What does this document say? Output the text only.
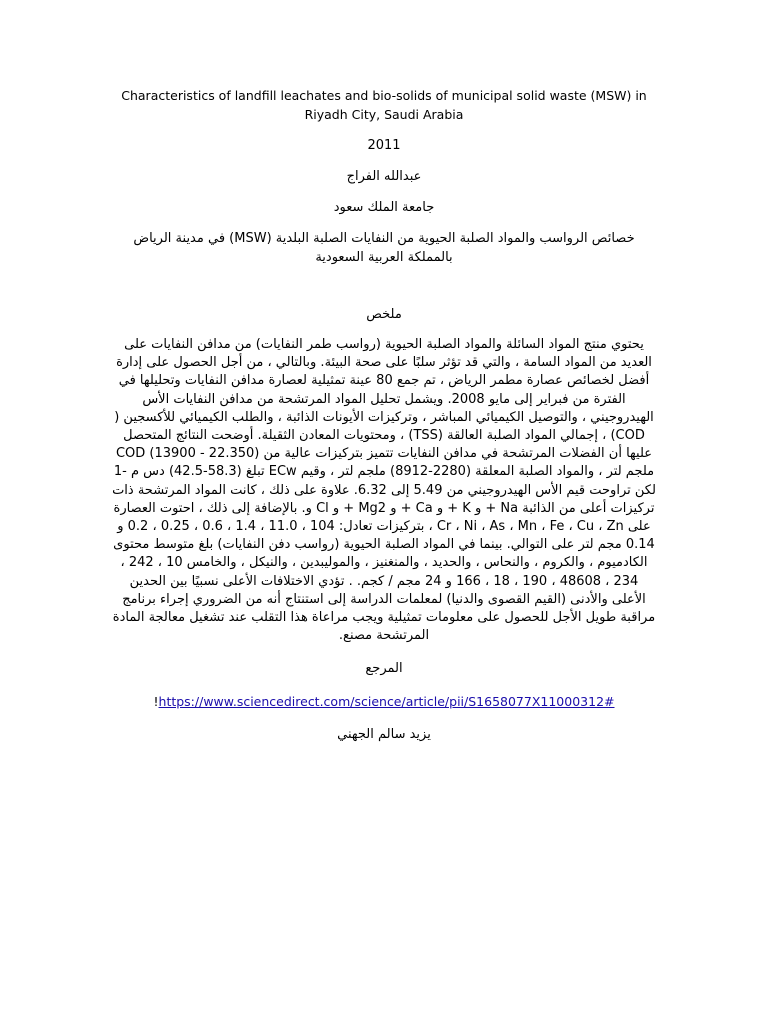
Characteristics of landfill leachates and bio-solids of municipal solid waste (MSW) in Riyadh City, Saudi Arabia

2011

عبدالله الفراج

جامعة الملك سعود

خصائص الرواسب والمواد الصلبة الحيوية من النفايات الصلبة البلدية (MSW) في مدينة الرياض بالمملكة العربية السعودية

ملخص

يحتوي منتج المواد السائلة والمواد الصلبة الحيوية (رواسب طمر النفايات) من مدافن النفايات على العديد من المواد السامة ، والتي قد تؤثر سلبًا على صحة البيئة. وبالتالي ، من أجل الحصول على إدارة أفضل لخصائص عصارة مطمر الرياض ، تم جمع 80 عينة تمثيلية لعصارة مدافن النفايات وتحليلها في الفترة من فبراير إلى مايو 2008. ويشمل تحليل المواد المرتشحة من مدافن النفايات الأس الهيدروجيني ، والتوصيل الكيميائي المباشر ، وتركيزات الأيونات الذائبة ، والطلب الكيميائي للأكسجين ( COD) ، إجمالي المواد الصلبة العالقة (TSS) ، ومحتويات المعادن الثقيلة. أوضحت النتائج المتحصل عليها أن الفضلات المرتشحة في مدافن النفايات تتميز بتركيزات عالية من COD (13900 - 22.350) ملجم لتر ، والمواد الصلبة المعلقة (2280-8912) ملجم لتر ، وقيم ECw تبلغ (58.3-42.5) دس م -1 لكن تراوحت قيم الأس الهيدروجيني من 5.49 إلى 6.32. علاوة على ذلك ، كانت المواد المرتشحة ذات تركيزات أعلى من الذائبة Na + و K + و Ca + و Mg2 + و Cl و. بالإضافة إلى ذلك ، احتوت العصارة على Cr ، Ni ، As ، Mn ، Fe ، Cu ، Zn ، بتركيزات تعادل: 104 ، 11.0 ، 1.4 ، 0.6 ، 0.25 ، 0.2 و 0.14 مجم لتر على التوالي. بينما في المواد الصلبة الحيوية (رواسب دفن النفايات) بلغ متوسط محتوى الكادميوم ، والكروم ، والنحاس ، والحديد ، والمنغنيز ، والموليبدين ، والنيكل ، والخامس 10 ، 242 ، 234 ، 48608 ، 190 ، 18 ، 166 و 24 مجم / كجم. . تؤدي الاختلافات الأعلى نسبيًا بين الحدين الأعلى والأدنى (القيم القصوى والدنيا) لمعلمات الدراسة إلى استنتاج أنه من الضروري إجراء برنامج مراقبة طويل الأجل للحصول على معلومات تمثيلية ويجب مراعاة هذا التقلب عند تشغيل معالجة المادة المرتشحة مصنع.

المرجع

!https://www.sciencedirect.com/science/article/pii/S1658077X11000312#

يزيد سالم الجهني
